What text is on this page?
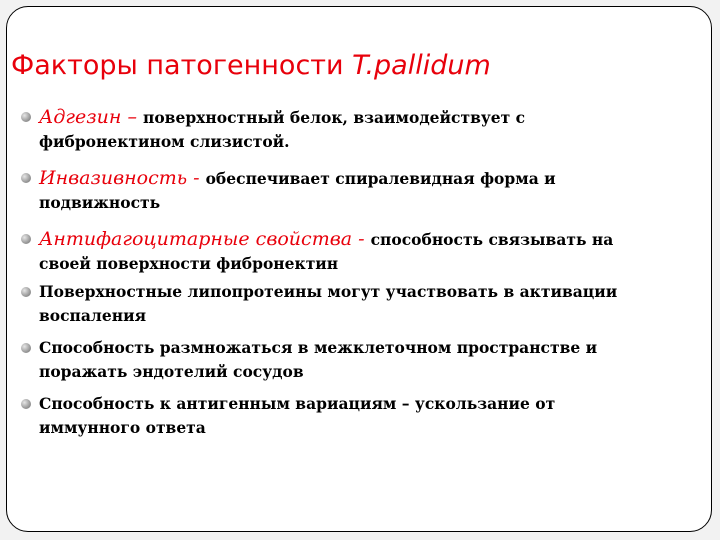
Факторы патогенности T.pallidum
Адгезин – поверхностный белок, взаимодействует с фибронектином слизистой.
Инвазивность - обеспечивает спиралевидная форма и подвижность
Антифагоцитарные свойства - способность связывать на своей поверхности фибронектин
Поверхностные липопротеины могут участвовать в активации воспаления
Способность размножаться в межклеточном пространстве и поражать эндотелий сосудов
Способность к антигенным вариациям – ускользание от иммунного ответа
